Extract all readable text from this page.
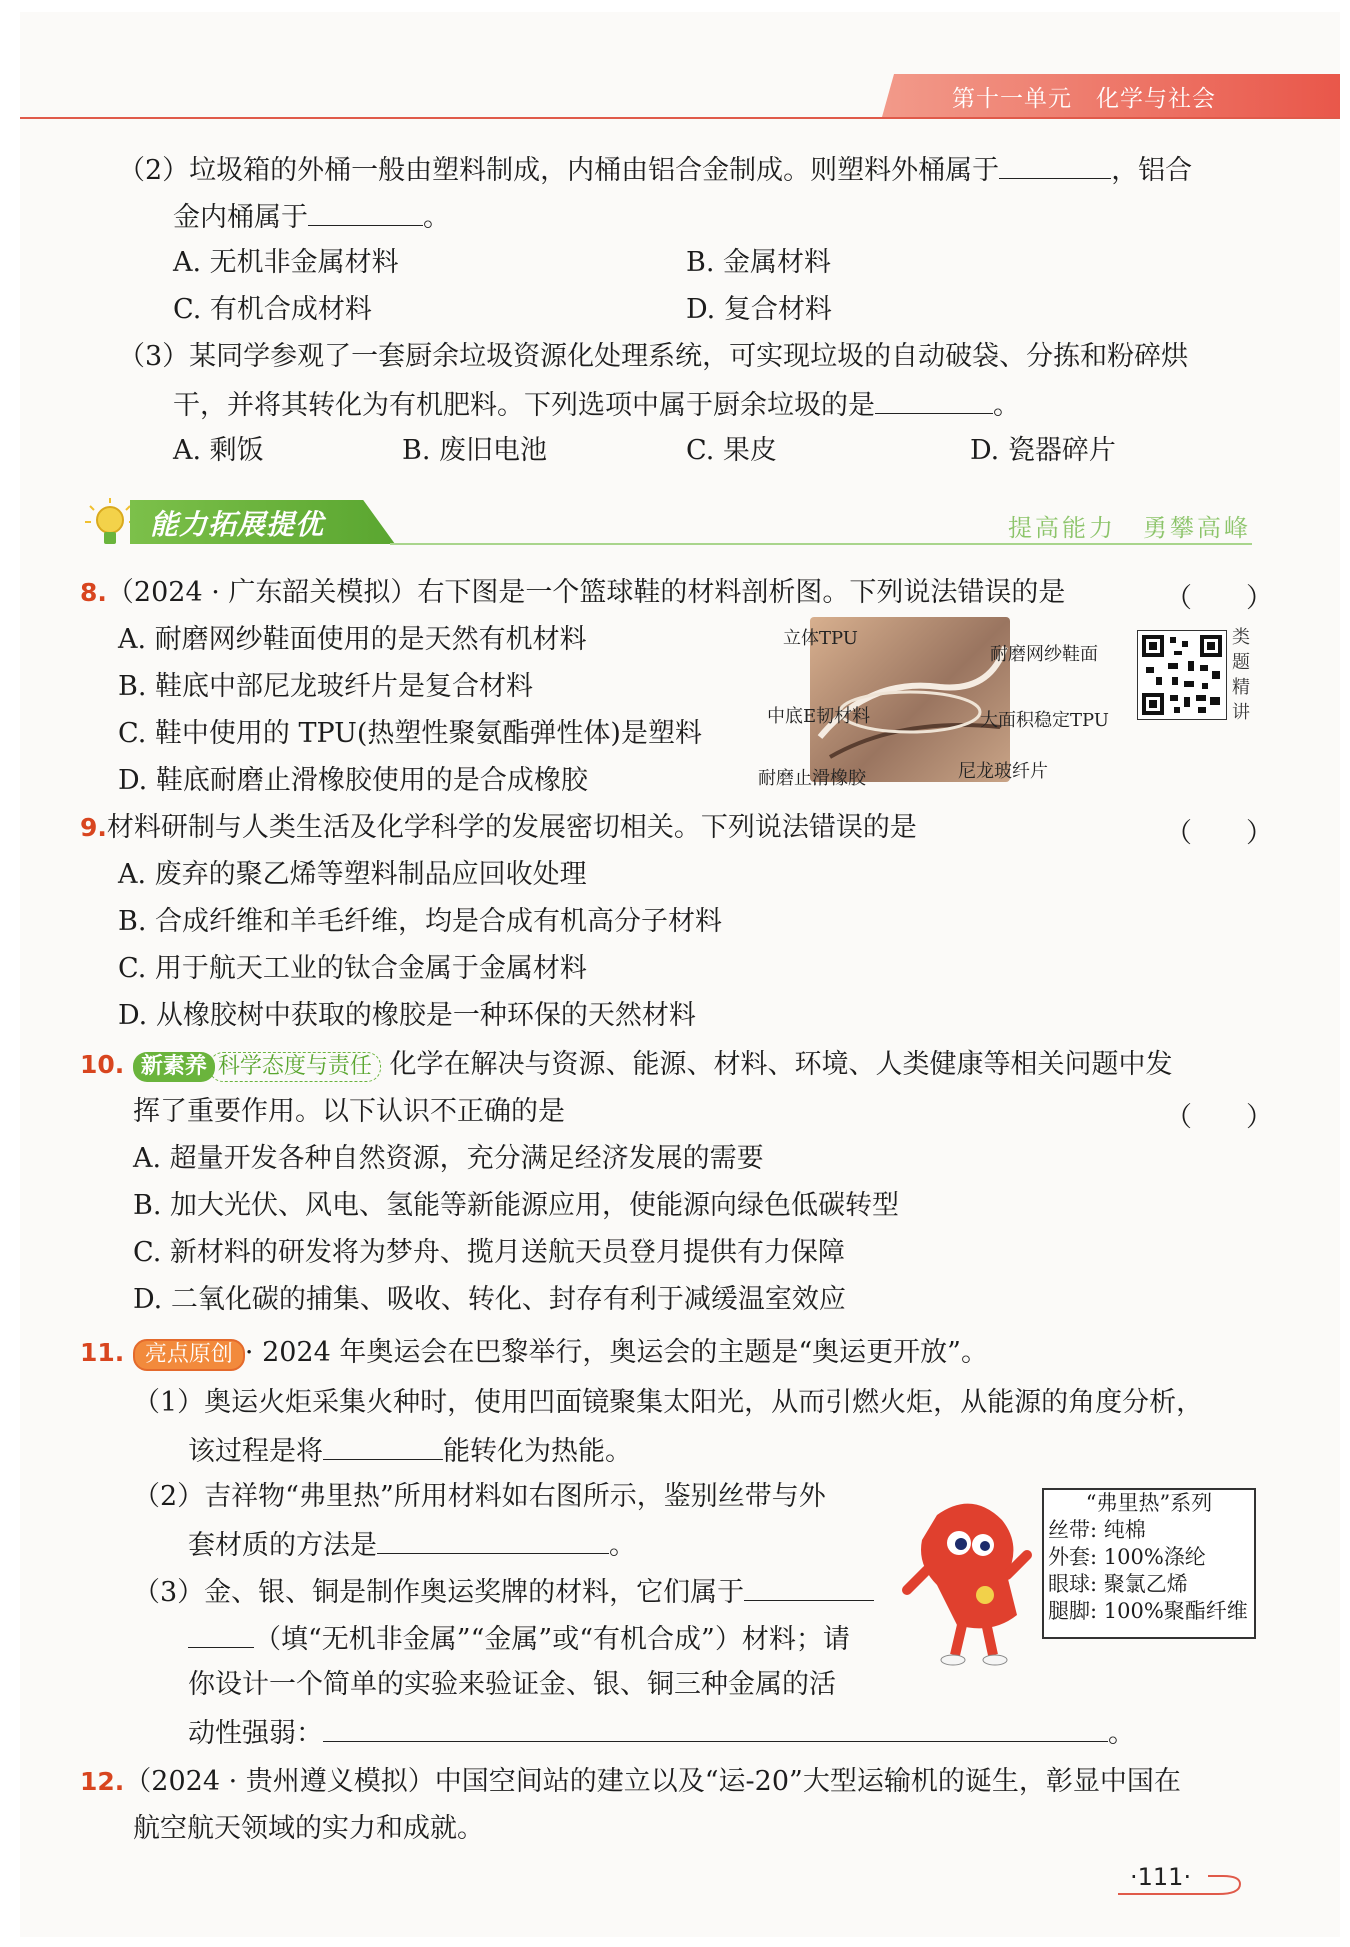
第十一单元　化学与社会
（2）垃圾箱的外桶一般由塑料制成，内桶由铝合金制成。则塑料外桶属于	，铝合
金内桶属于	。
A. 无机非金属材料	B. 金属材料
C. 有机合成材料	D. 复合材料
（3）某同学参观了一套厨余垃圾资源化处理系统，可实现垃圾的自动破袋、分拣和粉碎烘
干，并将其转化为有机肥料。下列选项中属于厨余垃圾的是	。
A. 剩饭	B. 废旧电池	C. 果皮	D. 瓷器碎片
能力拓展提优	提高能力　勇攀高峰
8.（2024 · 广东韶关模拟）右下图是一个篮球鞋的材料剖析图。下列说法错误的是	（　　）
A. 耐磨网纱鞋面使用的是天然有机材料
B. 鞋底中部尼龙玻纤片是复合材料
C. 鞋中使用的 TPU(热塑性聚氨酯弹性体)是塑料
D. 鞋底耐磨止滑橡胶使用的是合成橡胶
立体TPU
耐磨网纱鞋面
中底E韧材料	大面积稳定TPU
耐磨止滑橡胶	尼龙玻纤片
类题精讲
9.材料研制与人类生活及化学科学的发展密切相关。下列说法错误的是	（　　）
A. 废弃的聚乙烯等塑料制品应回收处理
B. 合成纤维和羊毛纤维，均是合成有机高分子材料
C. 用于航天工业的钛合金属于金属材料
D. 从橡胶树中获取的橡胶是一种环保的天然材料
10. 新素养 科学态度与责任 化学在解决与资源、能源、材料、环境、人类健康等相关问题中发
挥了重要作用。以下认识不正确的是	（　　）
A. 超量开发各种自然资源，充分满足经济发展的需要
B. 加大光伏、风电、氢能等新能源应用，使能源向绿色低碳转型
C. 新材料的研发将为梦舟、揽月送航天员登月提供有力保障
D. 二氧化碳的捕集、吸收、转化、封存有利于减缓温室效应
11. 亮点原创 · 2024 年奥运会在巴黎举行，奥运会的主题是“奥运更开放”。
（1）奥运火炬采集火种时，使用凹面镜聚集太阳光，从而引燃火炬，从能源的角度分析，
该过程是将	能转化为热能。
（2）吉祥物“弗里热”所用材料如右图所示，鉴别丝带与外
套材质的方法是	。
（3）金、银、铜是制作奥运奖牌的材料，它们属于
（填“无机非金属”“金属”或“有机合成”）材料；请
你设计一个简单的实验来验证金、银、铜三种金属的活
动性强弱：	。
“弗里热”系列
丝带: 纯棉
外套: 100%涤纶
眼球: 聚氯乙烯
腿脚: 100%聚酯纤维
12.（2024 · 贵州遵义模拟）中国空间站的建立以及“运-20”大型运输机的诞生，彰显中国在
航空航天领域的实力和成就。
·111·
